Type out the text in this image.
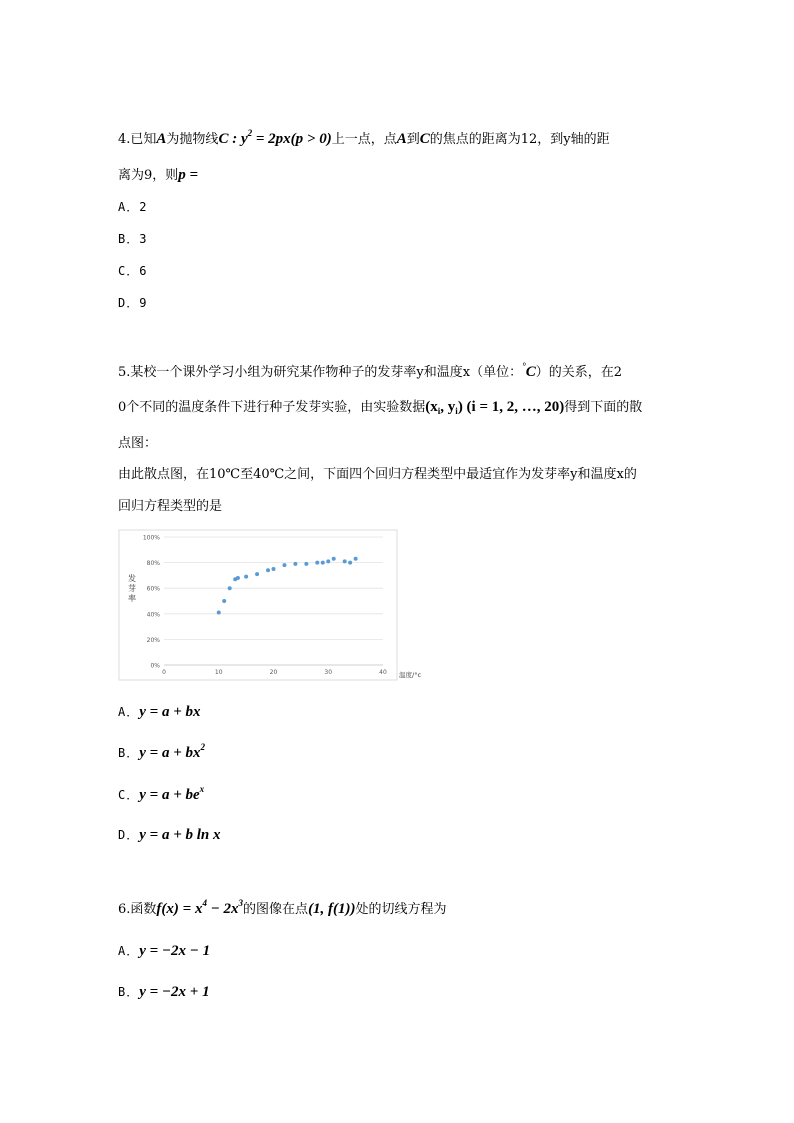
4.已知A为抛物线C : $y^2 = 2px(p > 0)$上一点，点A到C的焦点的距离为12，到y轴的距
离为9，则p =
A．2
B．3
C．6
D．9
5.某校一个课外学习小组为研究某作物种子的发芽率y和温度x（单位：°C）的关系，在2
0个不同的温度条件下进行种子发芽实验，由实验数据($x_i$, $y_i$) (i = 1, 2, …, 20)得到下面的散
点图：
由此散点图，在10℃至40℃之间，下面四个回归方程类型中最适宜作为发芽率y和温度x的
回归方程类型的是
0%
20%
40%
60%
80%
100%
0	10	20	30	40
发芽率
温度/°c
A．y = a + bx
B．$y = a + bx^2$
C．$y = a + be^x$
D．y = a + b ln x
6.函数$f(x) = x^4 - 2x^3$的图像在点(1, f(1))处的切线方程为
A．y = −2x − 1
B．y = −2x + 1
